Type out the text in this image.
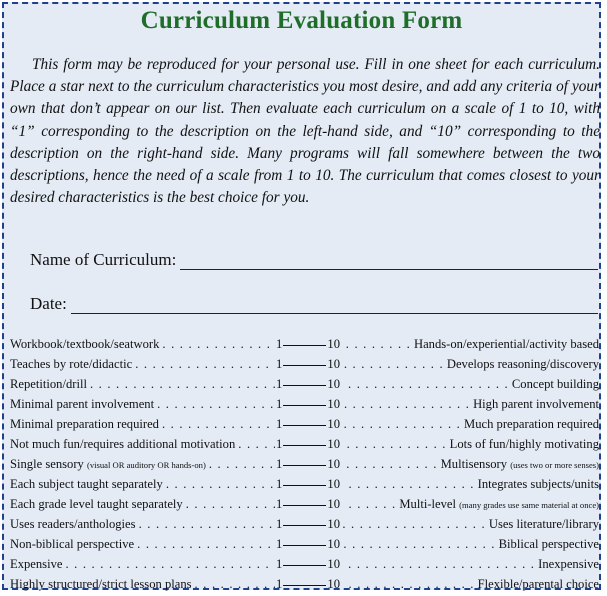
Curriculum Evaluation Form

This form may be reproduced for your personal use. Fill in one sheet for each curriculum. Place a star next to the curriculum characteristics you most desire, and add any criteria of your own that don’t appear on our list. Then evaluate each curriculum on a scale of 1 to 10, with “1” corresponding to the description on the left-hand side, and “10” corresponding to the description on the right-hand side. Many programs will fall somewhere between the two descriptions, hence the need of a scale from 1 to 10. The curriculum that comes closest to your desired characteristics is the best choice for you.

Name of Curriculum:
Date:
Workbook/textbook/seatwork . . .	1	10 . . .	Hands-on/experiential/activity based
Teaches by rote/didactic . . .	1	10 . . .	Develops reasoning/discovery
Repetition/drill . . .	1	10 . . .	Concept building
Minimal parent involvement . . .	1	10 . . .	High parent involvement
Minimal preparation required . . .	1	10 . . .	Much preparation required
Not much fun/requires additional motivation . . .	1	10 . . .	Lots of fun/highly motivating
Single sensory (visual OR auditory OR hands-on) . . .	1	10 . . .	Multisensory (uses two or more senses)
Each subject taught separately . . .	1	10 . . .	Integrates subjects/units
Each grade level taught separately . . .	1	10 . . .	Multi-level (many grades use same material at once)
Uses readers/anthologies . . .	1	10 . . .	Uses literature/library
Non-biblical perspective . . .	1	10 . . .	Biblical perspective
Expensive . . .	1	10 . . .	Inexpensive
Highly structured/strict lesson plans . . .	1	10 . . .	Flexible/parental choice
